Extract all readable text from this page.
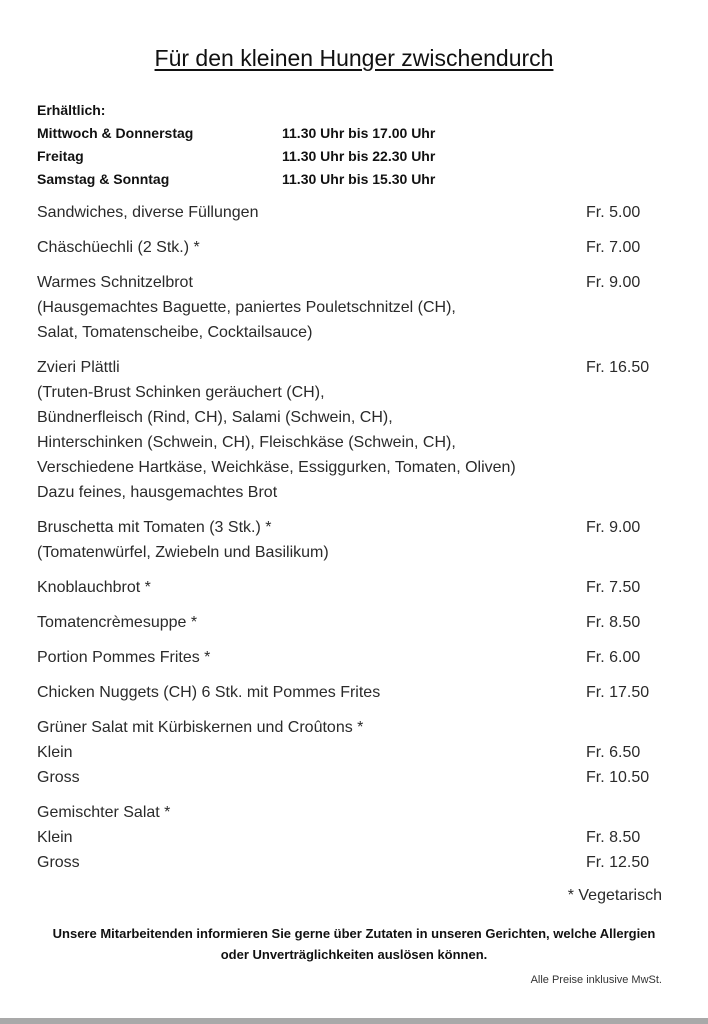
Für den kleinen Hunger zwischendurch
Erhältlich:
Mittwoch & Donnerstag	11.30 Uhr bis 17.00 Uhr
Freitag	11.30 Uhr bis 22.30 Uhr
Samstag & Sonntag	11.30 Uhr bis 15.30 Uhr
Sandwiches, diverse Füllungen	Fr. 5.00
Chäschüechli (2 Stk.) *	Fr. 7.00
Warmes Schnitzelbrot	Fr. 9.00
(Hausgemachtes Baguette, paniertes Pouletschnitzel (CH),
Salat, Tomatenscheibe, Cocktailsauce)
Zvieri Plättli	Fr. 16.50
(Truten-Brust Schinken geräuchert (CH),
Bündnerfleisch (Rind, CH), Salami (Schwein, CH),
Hinterschinken (Schwein, CH), Fleischkäse (Schwein, CH),
Verschiedene Hartkäse, Weichkäse, Essiggurken, Tomaten, Oliven)
Dazu feines, hausgemachtes Brot
Bruschetta mit Tomaten (3 Stk.) *	Fr. 9.00
(Tomatenwürfel, Zwiebeln und Basilikum)
Knoblauchbrot *	Fr. 7.50
Tomatencrèmesuppe *	Fr. 8.50
Portion Pommes Frites *	Fr. 6.00
Chicken Nuggets (CH) 6 Stk. mit Pommes Frites	Fr. 17.50
Grüner Salat mit Kürbiskernen und Croûtons *
Klein	Fr. 6.50
Gross	Fr. 10.50
Gemischter Salat *
Klein	Fr. 8.50
Gross	Fr. 12.50
* Vegetarisch
Unsere Mitarbeitenden informieren Sie gerne über Zutaten in unseren Gerichten, welche Allergien
oder Unverträglichkeiten auslösen können.
Alle Preise inklusive MwSt.
